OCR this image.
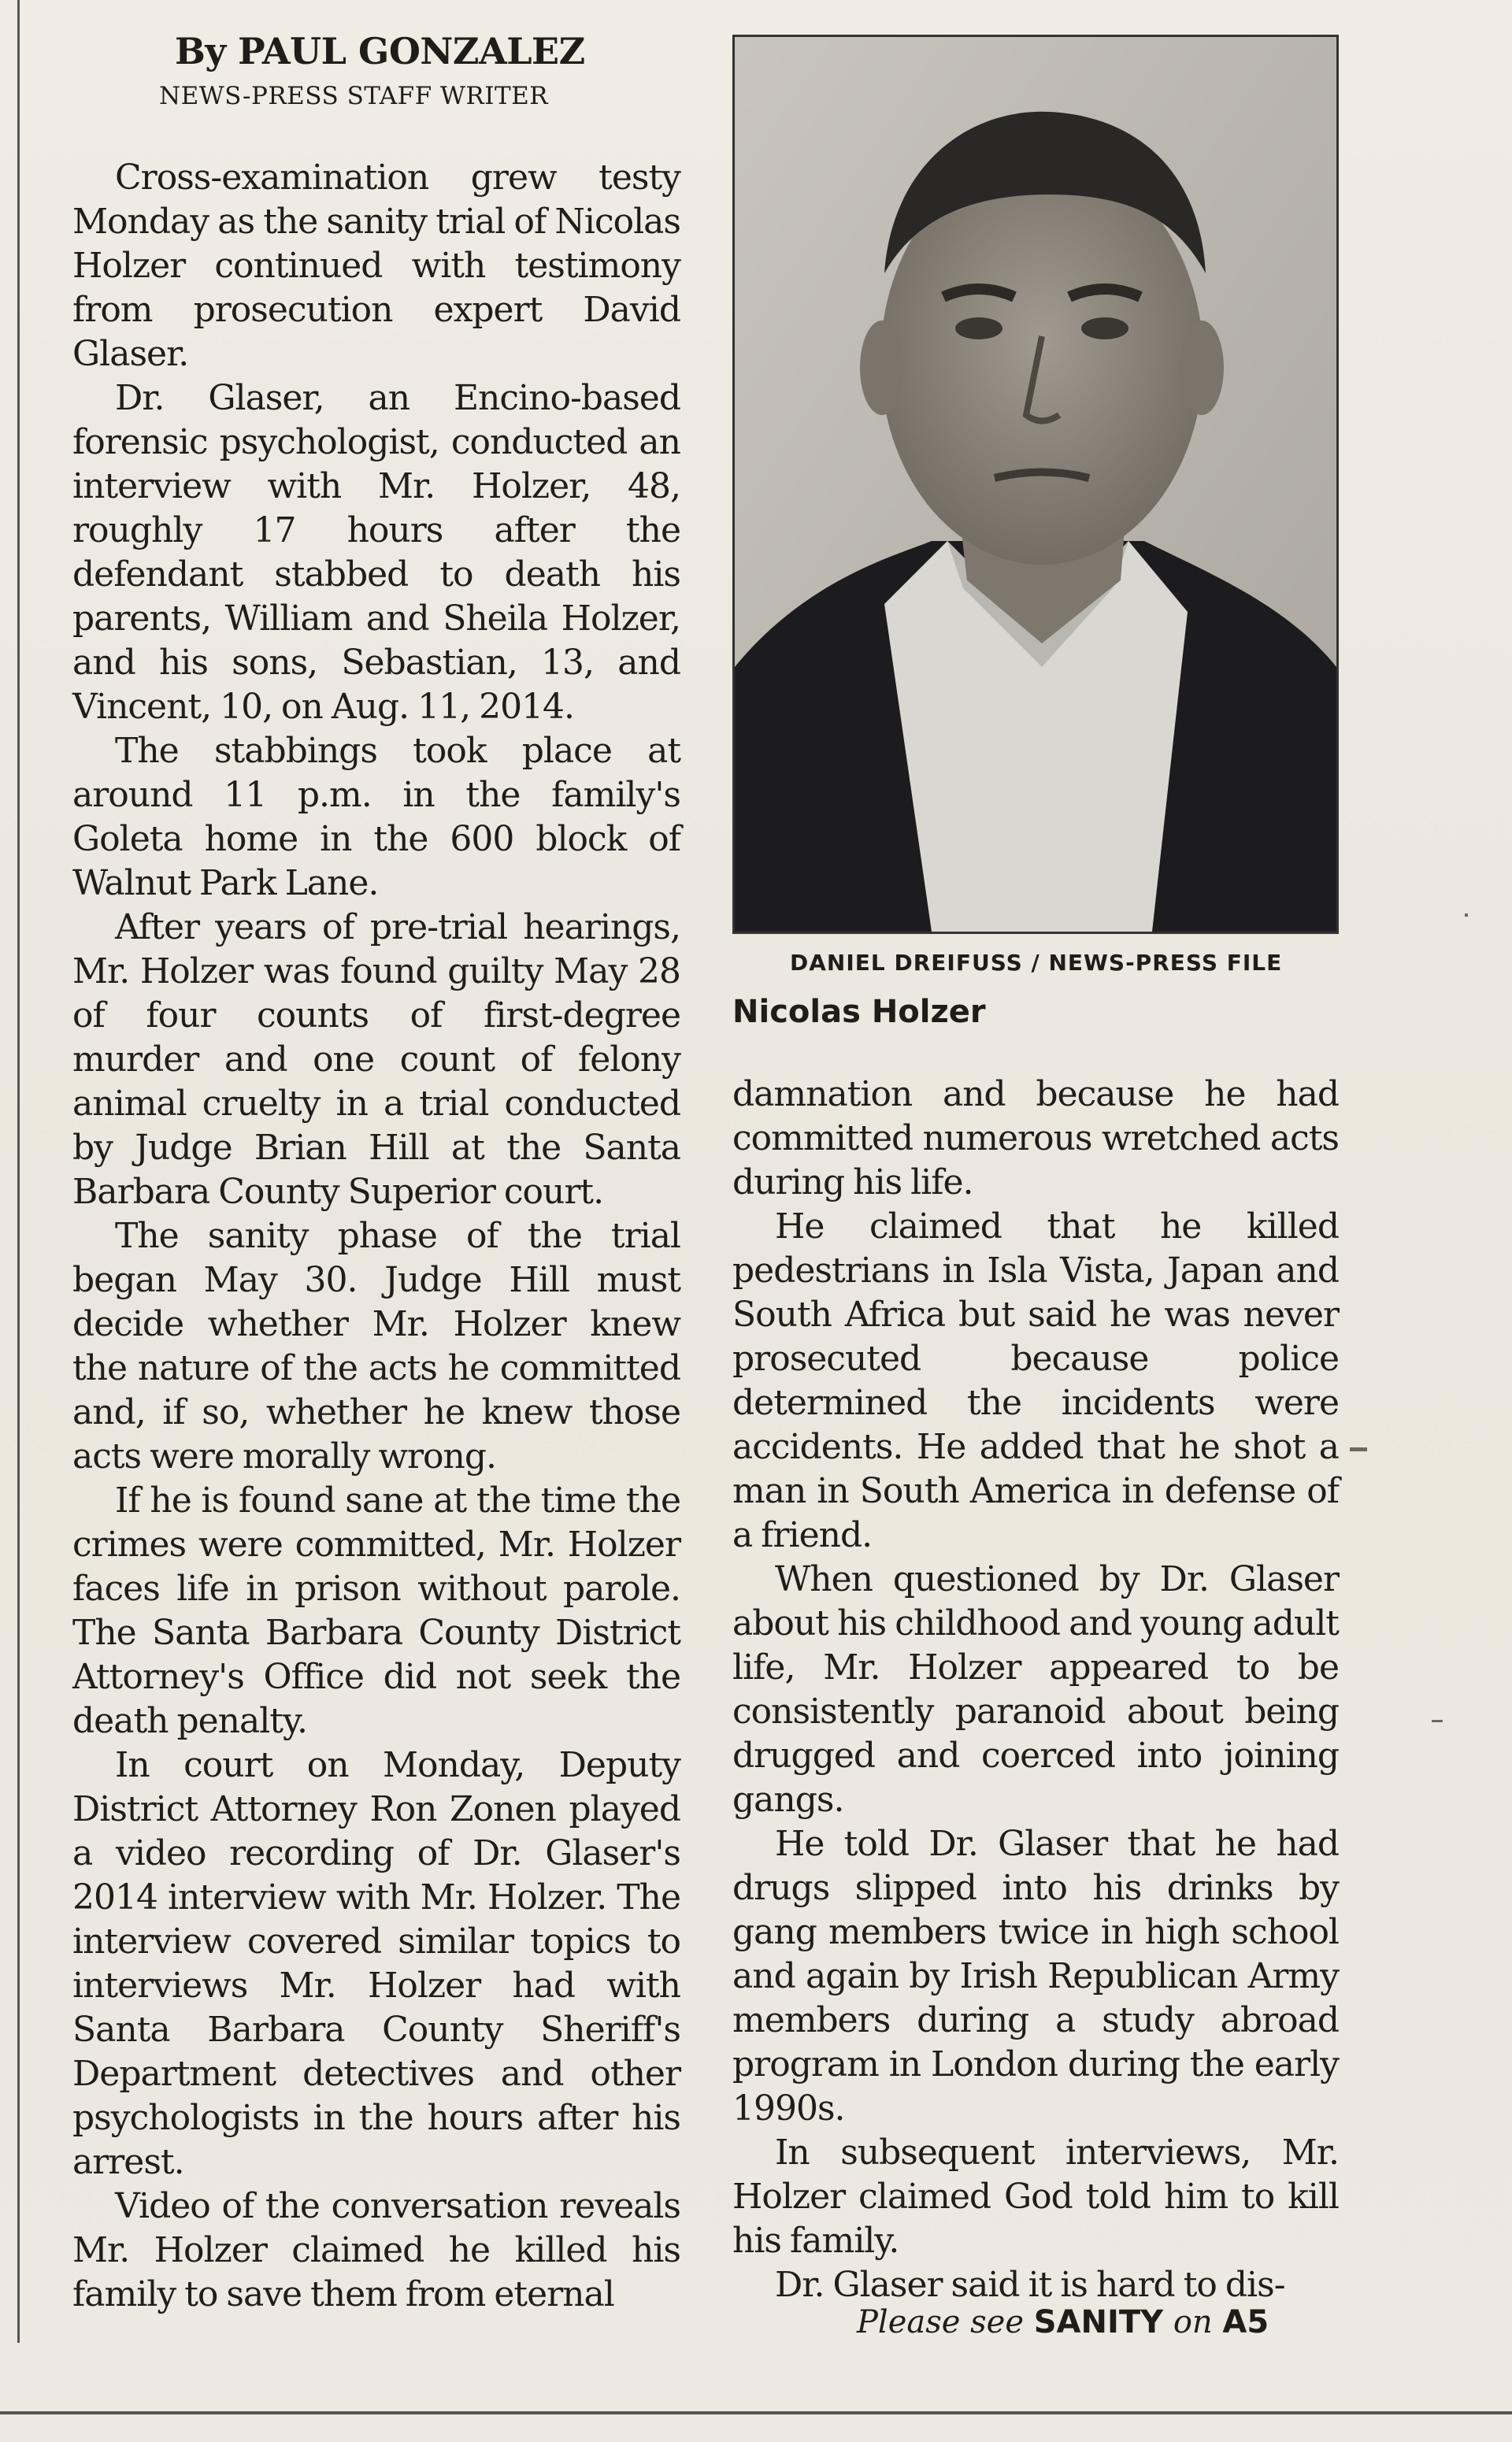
By PAUL GONZALEZ
NEWS-PRESS STAFF WRITER

Cross-examination grew testy Monday as the sanity trial of Nicolas Holzer continued with testimony from prosecution expert David Glaser.

Dr. Glaser, an Encino-based forensic psychologist, conducted an interview with Mr. Holzer, 48, roughly 17 hours after the defendant stabbed to death his parents, William and Sheila Holzer, and his sons, Sebastian, 13, and Vincent, 10, on Aug. 11, 2014.

The stabbings took place at around 11 p.m. in the family's Goleta home in the 600 block of Walnut Park Lane.

After years of pre-trial hearings, Mr. Holzer was found guilty May 28 of four counts of first-degree murder and one count of felony animal cruelty in a trial conducted by Judge Brian Hill at the Santa Barbara County Superior court.

The sanity phase of the trial began May 30. Judge Hill must decide whether Mr. Holzer knew the nature of the acts he committed and, if so, whether he knew those acts were morally wrong.

If he is found sane at the time the crimes were committed, Mr. Holzer faces life in prison without parole. The Santa Barbara County District Attorney's Office did not seek the death penalty.

In court on Monday, Deputy District Attorney Ron Zonen played a video recording of Dr. Glaser's 2014 interview with Mr. Holzer. The interview covered similar topics to interviews Mr. Holzer had with Santa Barbara County Sheriff's Department detectives and other psychologists in the hours after his arrest.

Video of the conversation reveals Mr. Holzer claimed he killed his family to save them from eternal

DANIEL DREIFUSS / NEWS-PRESS FILE
Nicolas Holzer

damnation and because he had committed numerous wretched acts during his life.

He claimed that he killed pedestrians in Isla Vista, Japan and South Africa but said he was never prosecuted because police determined the incidents were accidents. He added that he shot a man in South America in defense of a friend.

When questioned by Dr. Glaser about his childhood and young adult life, Mr. Holzer appeared to be consistently paranoid about being drugged and coerced into joining gangs.

He told Dr. Glaser that he had drugs slipped into his drinks by gang members twice in high school and again by Irish Republican Army members during a study abroad program in London during the early 1990s.

In subsequent interviews, Mr. Holzer claimed God told him to kill his family.

Dr. Glaser said it is hard to dis-

Please see SANITY on A5
